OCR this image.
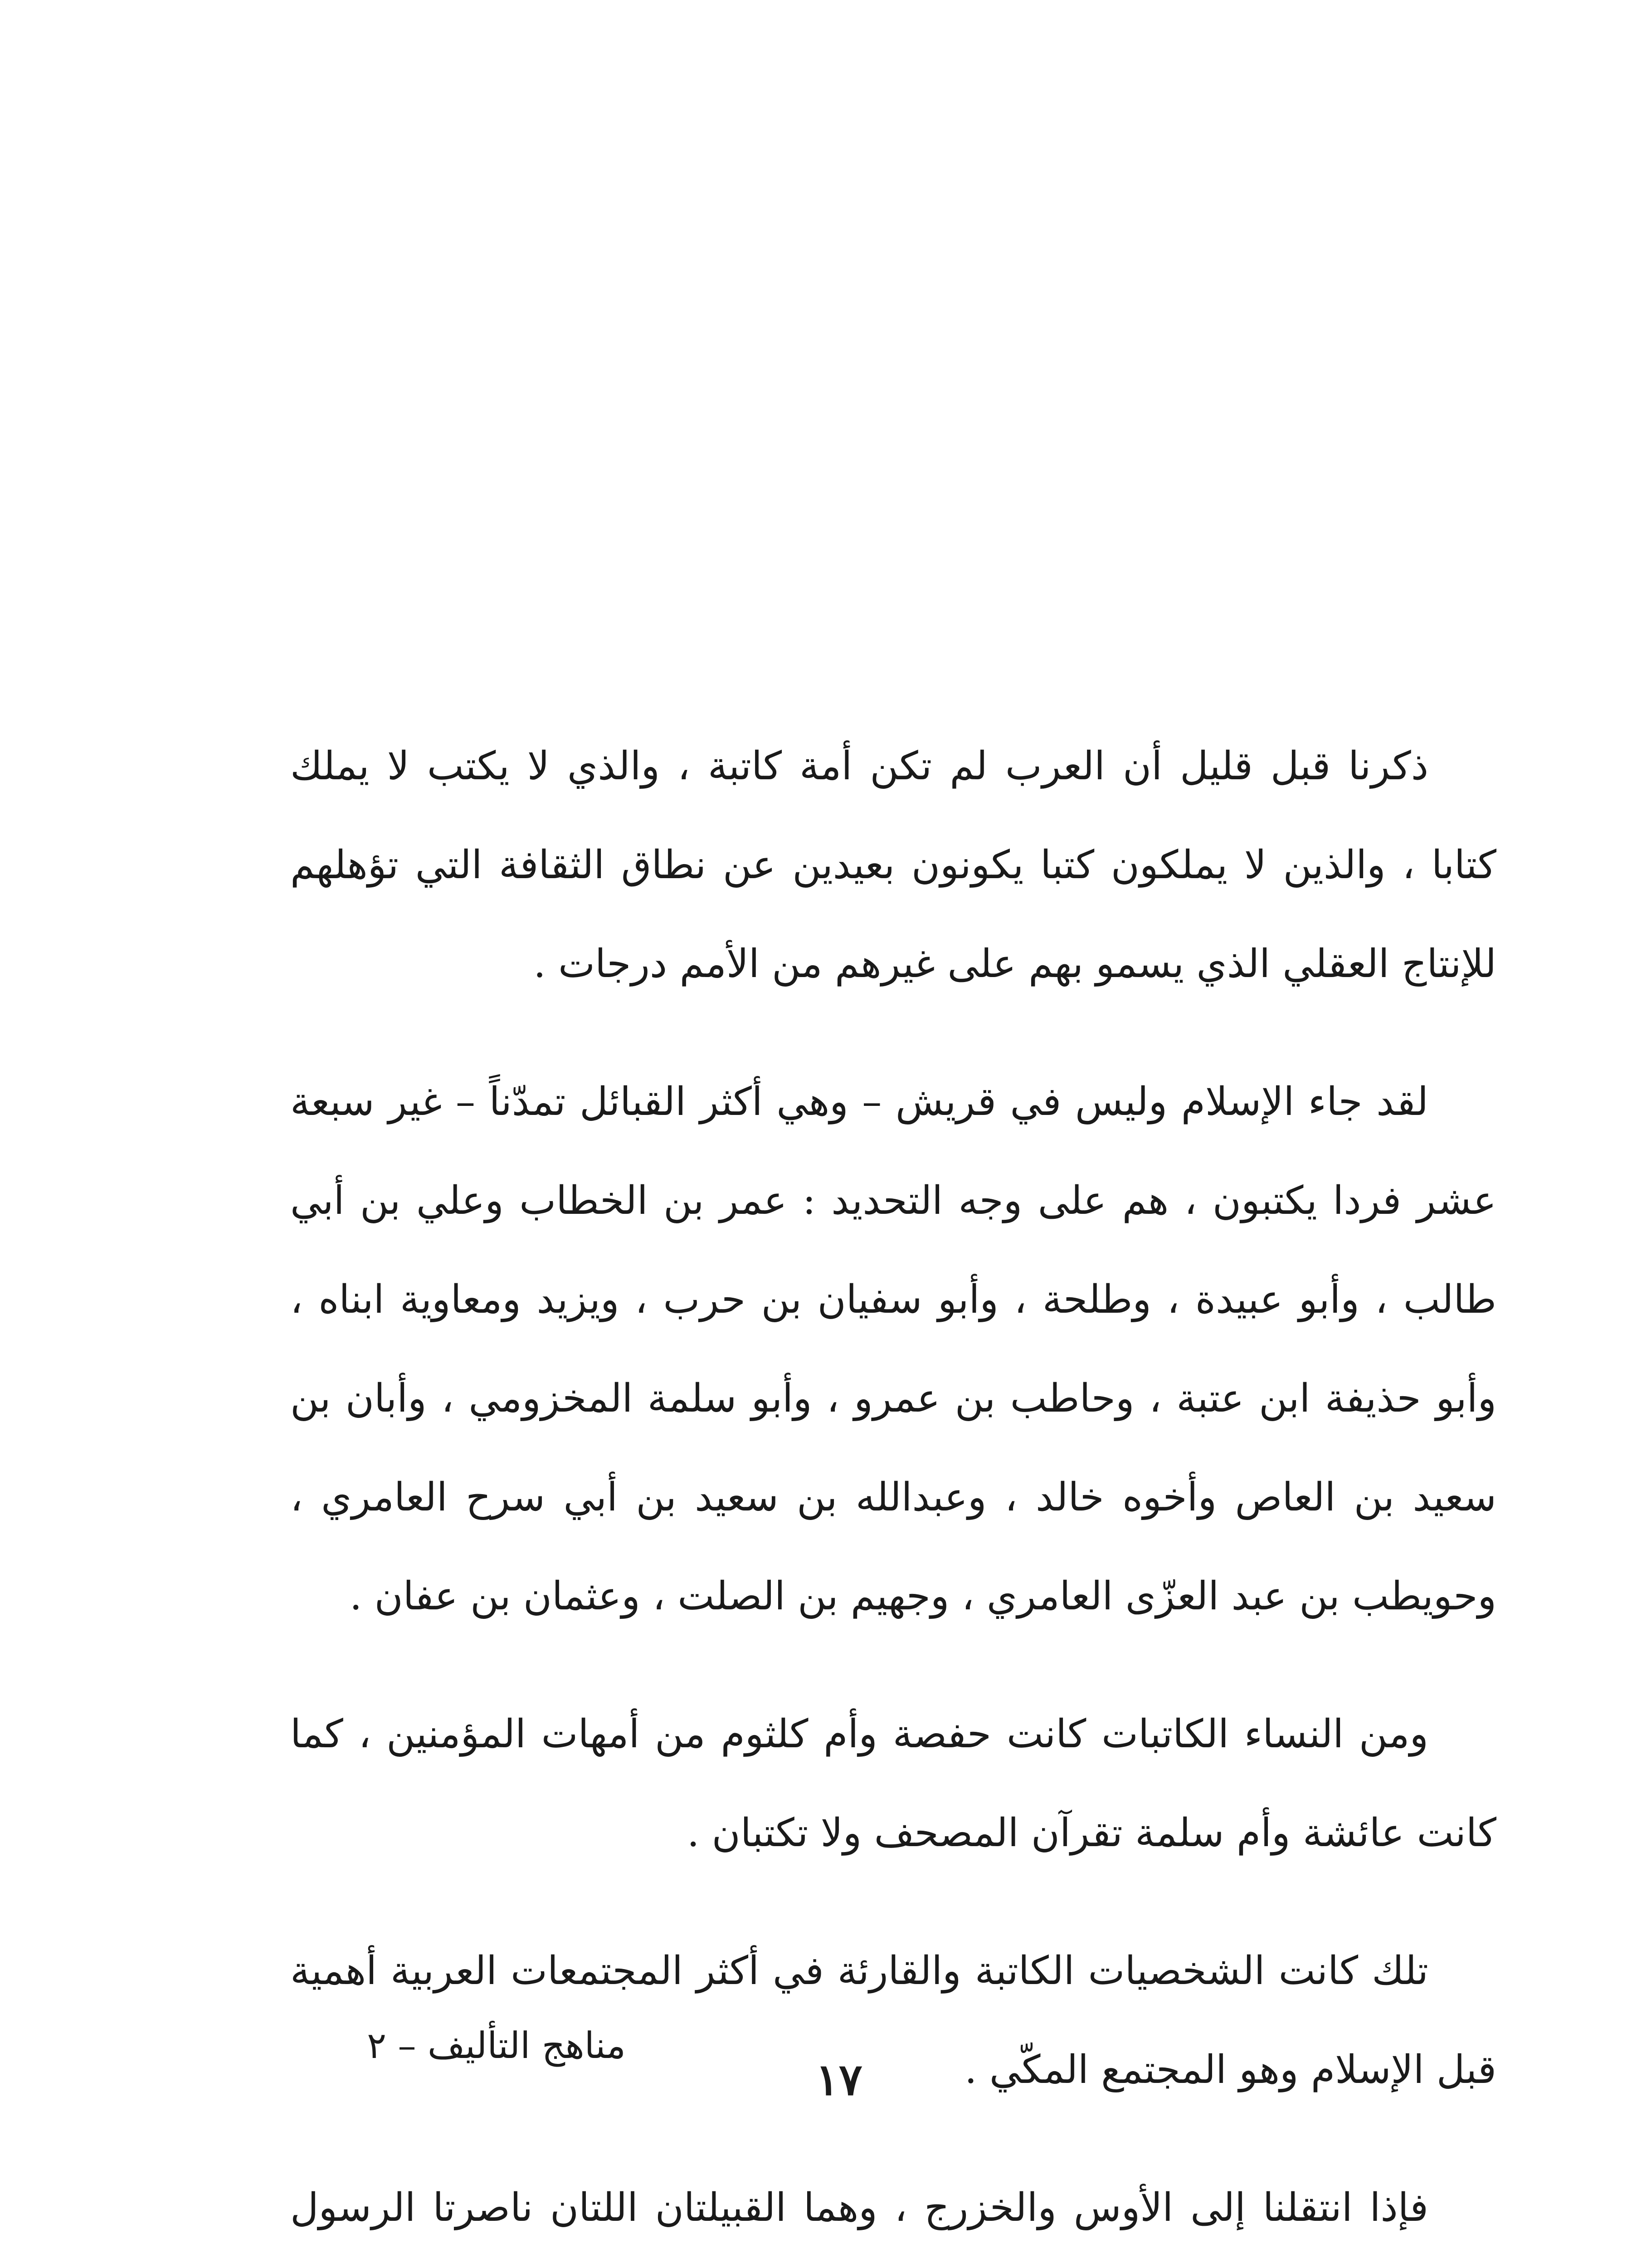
ذكرنا قبل قليل أن العرب لم تكن أمة كاتبة ، والذي لا يكتب لا يملك كتابا ، والذين لا يملكون كتبا يكونون بعيدين عن نطاق الثقافة التي تؤهلهم للإنتاج العقلي الذي يسمو بهم على غيرهم من الأمم درجات .

لقد جاء الإسلام وليس في قريش – وهي أكثر القبائل تمدّناً – غير سبعة عشر فردا يكتبون ، هم على وجه التحديد : عمر بن الخطاب وعلي بن أبي طالب ، وأبو عبيدة ، وطلحة ، وأبو سفيان بن حرب ، ويزيد ومعاوية ابناه ، وأبو حذيفة ابن عتبة ، وحاطب بن عمرو ، وأبو سلمة المخزومي ، وأبان بن سعيد بن العاص وأخوه خالد ، وعبدالله بن سعيد بن أبي سرح العامري ، وحويطب بن عبد العزّى العامري ، وجهيم بن الصلت ، وعثمان بن عفان .

ومن النساء الكاتبات كانت حفصة وأم كلثوم من أمهات المؤمنين ، كما كانت عائشة وأم سلمة تقرآن المصحف ولا تكتبان .

تلك كانت الشخصيات الكاتبة والقارئة في أكثر المجتمعات العربية أهمية قبل الإسلام وهو المجتمع المكّي .

فإذا انتقلنا إلى الأوس والخزرج ، وهما القبيلتان اللتان ناصرتا الرسول

مناهج التأليف – ٢
١٧
